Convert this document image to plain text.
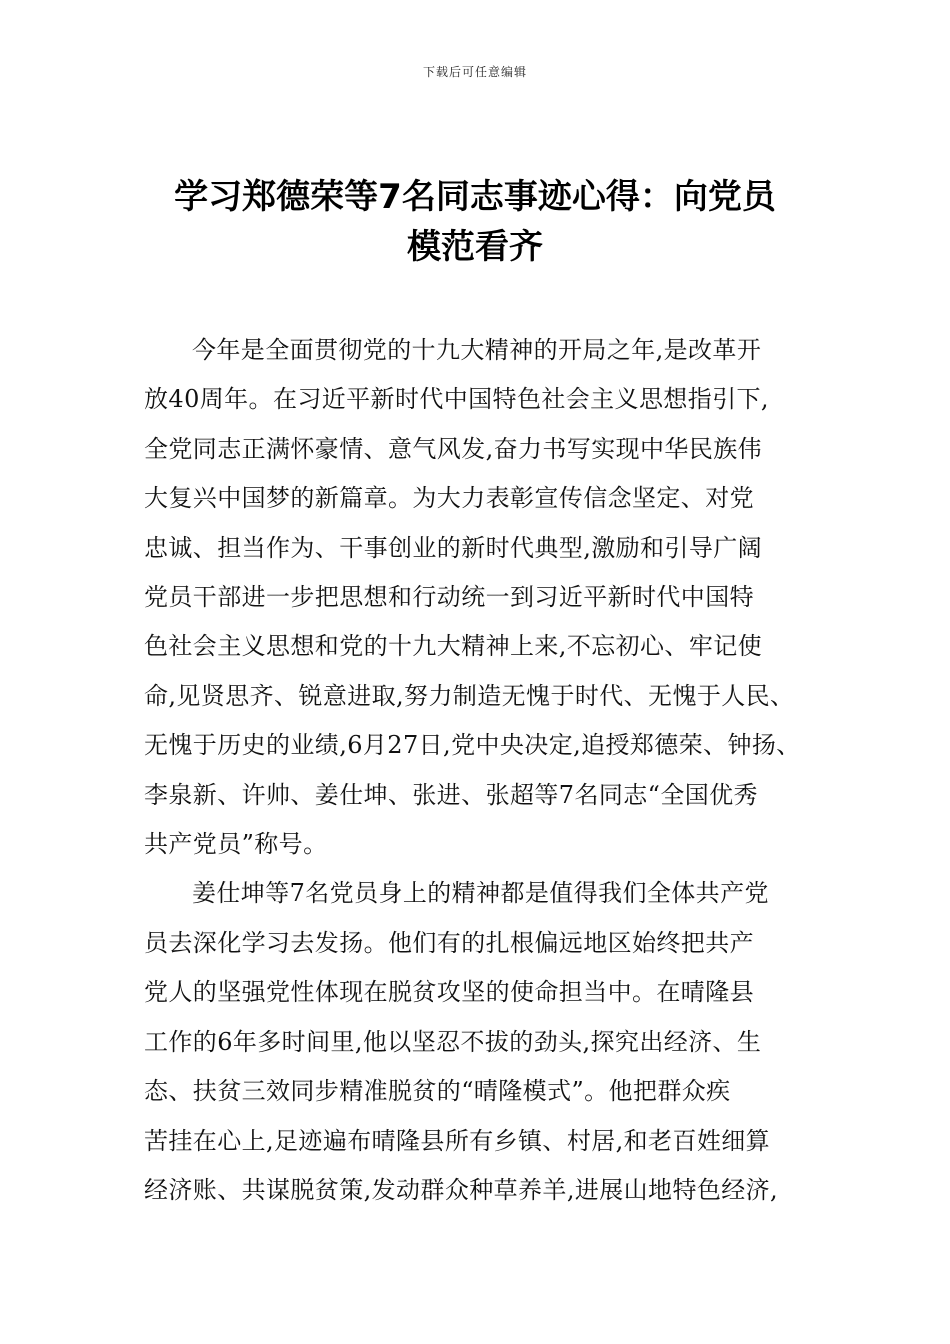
下载后可任意编辑
学习郑德荣等7名同志事迹心得：向党员
模范看齐

今年是全面贯彻党的十九大精神的开局之年,是改革开
放40周年。在习近平新时代中国特色社会主义思想指引下,
全党同志正满怀豪情、意气风发,奋力书写实现中华民族伟
大复兴中国梦的新篇章。为大力表彰宣传信念坚定、对党
忠诚、担当作为、干事创业的新时代典型,激励和引导广阔
党员干部进一步把思想和行动统一到习近平新时代中国特
色社会主义思想和党的十九大精神上来,不忘初心、牢记使
命,见贤思齐、锐意进取,努力制造无愧于时代、无愧于人民、
无愧于历史的业绩,6月27日,党中央决定,追授郑德荣、钟扬、
李泉新、许帅、姜仕坤、张进、张超等7名同志“全国优秀
共产党员”称号。

姜仕坤等7名党员身上的精神都是值得我们全体共产党
员去深化学习去发扬。他们有的扎根偏远地区始终把共产
党人的坚强党性体现在脱贫攻坚的使命担当中。在晴隆县
工作的6年多时间里,他以坚忍不拔的劲头,探究出经济、生
态、扶贫三效同步精准脱贫的“晴隆模式”。他把群众疾
苦挂在心上,足迹遍布晴隆县所有乡镇、村居,和老百姓细算
经济账、共谋脱贫策,发动群众种草养羊,进展山地特色经济,
